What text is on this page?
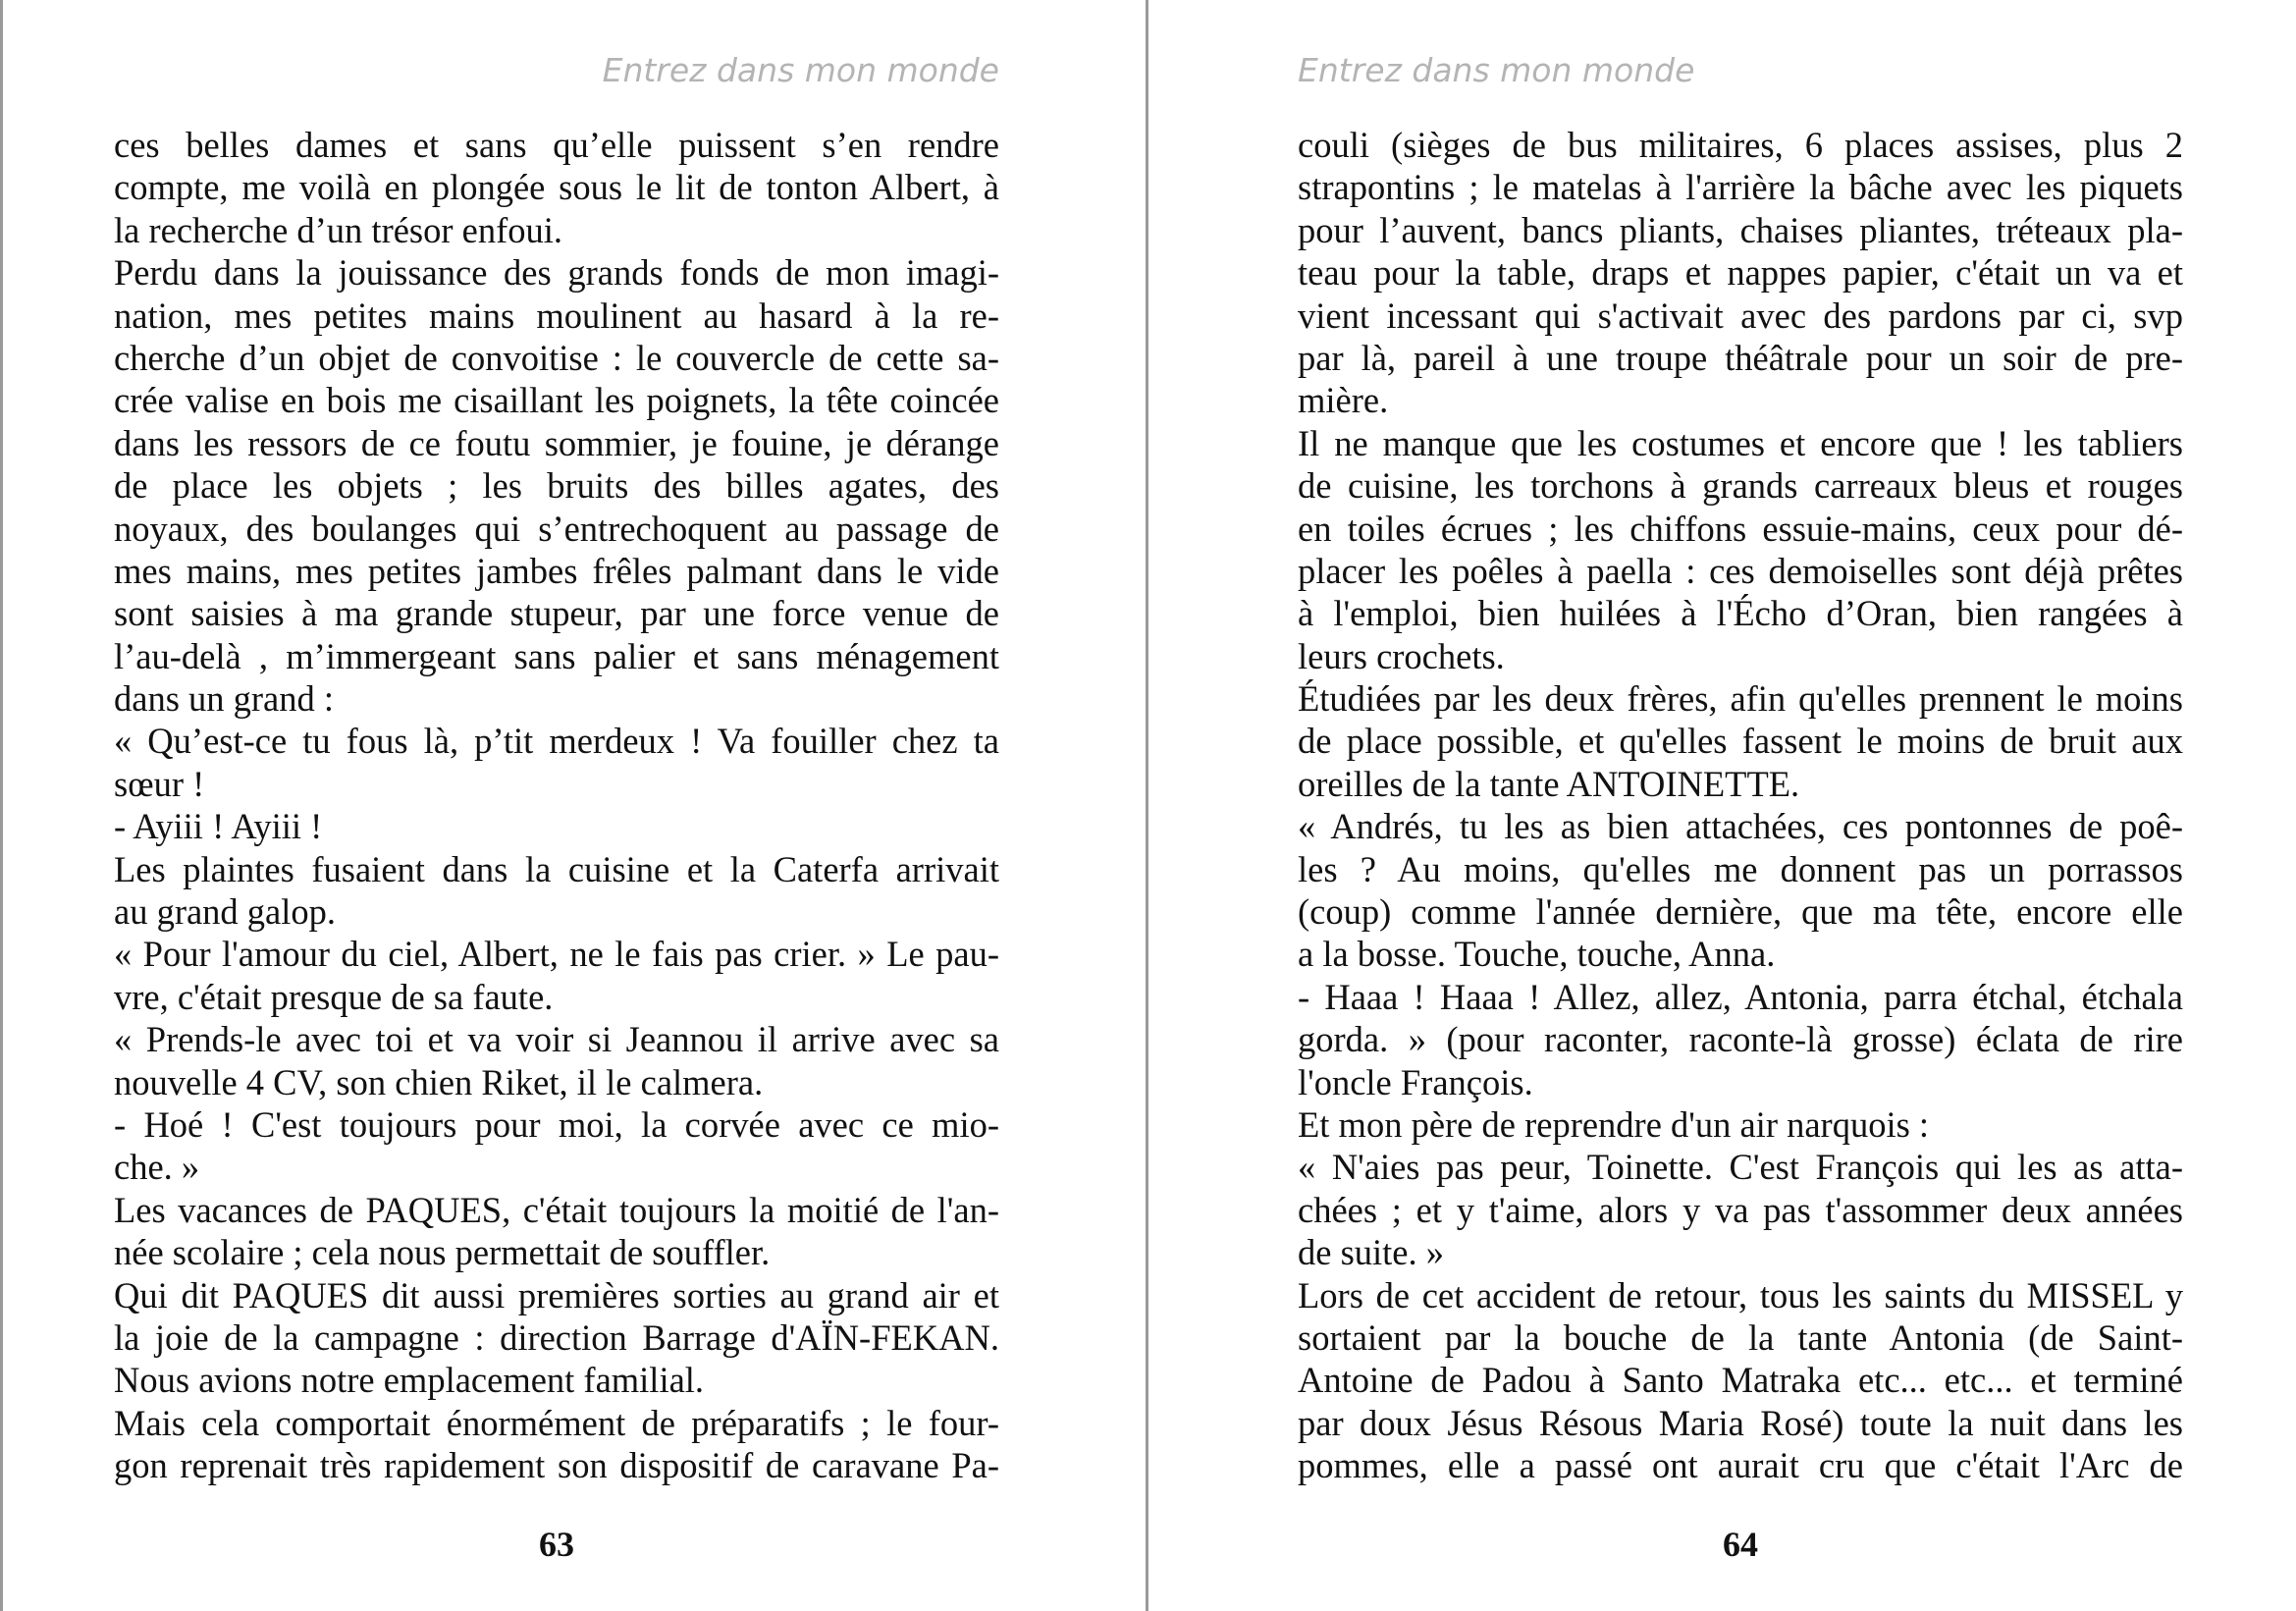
Entrez dans mon monde
ces belles dames et sans qu’elle puissent s’en rendre
compte, me voilà en plongée sous le lit de tonton Albert, à
la recherche d’un trésor enfoui.
Perdu dans la jouissance des grands fonds de mon imagi-
nation, mes petites mains moulinent au hasard à la re-
cherche d’un objet de convoitise : le couvercle de cette sa-
crée valise en bois me cisaillant les poignets, la tête coincée
dans les ressors de ce foutu sommier, je fouine, je dérange
de place les objets ; les bruits des billes agates, des
noyaux, des boulanges qui s’entrechoquent au passage de
mes mains, mes petites jambes frêles palmant dans le vide
sont saisies à ma grande stupeur, par une force venue de
l’au-delà , m’immergeant sans palier et sans ménagement
dans un grand :
« Qu’est-ce tu fous là, p’tit merdeux ! Va fouiller chez ta
sœur !
- Ayiii ! Ayiii !
Les plaintes fusaient dans la cuisine et la Caterfa arrivait
au grand galop.
« Pour l'amour du ciel, Albert, ne le fais pas crier. » Le pau-
vre, c'était presque de sa faute.
« Prends-le avec toi et va voir si Jeannou il arrive avec sa
nouvelle 4 CV, son chien Riket, il le calmera.
- Hoé ! C'est toujours pour moi, la corvée avec ce mio-
che. »
Les vacances de PAQUES, c'était toujours la moitié de l'an-
née scolaire ; cela nous permettait de souffler.
Qui dit PAQUES dit aussi premières sorties au grand air et
la joie de la campagne : direction Barrage d'AÏN-FEKAN.
Nous avions notre emplacement familial.
Mais cela comportait énormément de préparatifs ; le four-
gon reprenait très rapidement son dispositif de caravane Pa-
63
Entrez dans mon monde
couli (sièges de bus militaires, 6 places assises, plus 2
strapontins ; le matelas à l'arrière la bâche avec les piquets
pour l’auvent, bancs pliants, chaises pliantes, tréteaux pla-
teau pour la table, draps et nappes papier, c'était un va et
vient incessant qui s'activait avec des pardons par ci, svp
par là, pareil à une troupe théâtrale pour un soir de pre-
mière.
Il ne manque que les costumes et encore que ! les tabliers
de cuisine, les torchons à grands carreaux bleus et rouges
en toiles écrues ; les chiffons essuie-mains, ceux pour dé-
placer les poêles à paella : ces demoiselles sont déjà prêtes
à l'emploi, bien huilées à l'Écho d’Oran, bien rangées à
leurs crochets.
Étudiées par les deux frères, afin qu'elles prennent le moins
de place possible, et qu'elles fassent le moins de bruit aux
oreilles de la tante ANTOINETTE.
« Andrés, tu les as bien attachées, ces pontonnes de poê-
les ? Au moins, qu'elles me donnent pas un porrassos
(coup) comme l'année dernière, que ma tête, encore elle
a la bosse. Touche, touche, Anna.
- Haaa ! Haaa ! Allez, allez, Antonia, parra étchal, étchala
gorda. » (pour raconter, raconte-là grosse) éclata de rire
l'oncle François.
Et mon père de reprendre d'un air narquois :
« N'aies pas peur, Toinette. C'est François qui les as atta-
chées ; et y t'aime, alors y va pas t'assommer deux années
de suite. »
Lors de cet accident de retour, tous les saints du MISSEL y
sortaient par la bouche de la tante Antonia (de Saint-
Antoine de Padou à Santo Matraka etc... etc... et terminé
par doux Jésus Résous Maria Rosé) toute la nuit dans les
pommes, elle a passé ont aurait cru que c'était l'Arc de
64
